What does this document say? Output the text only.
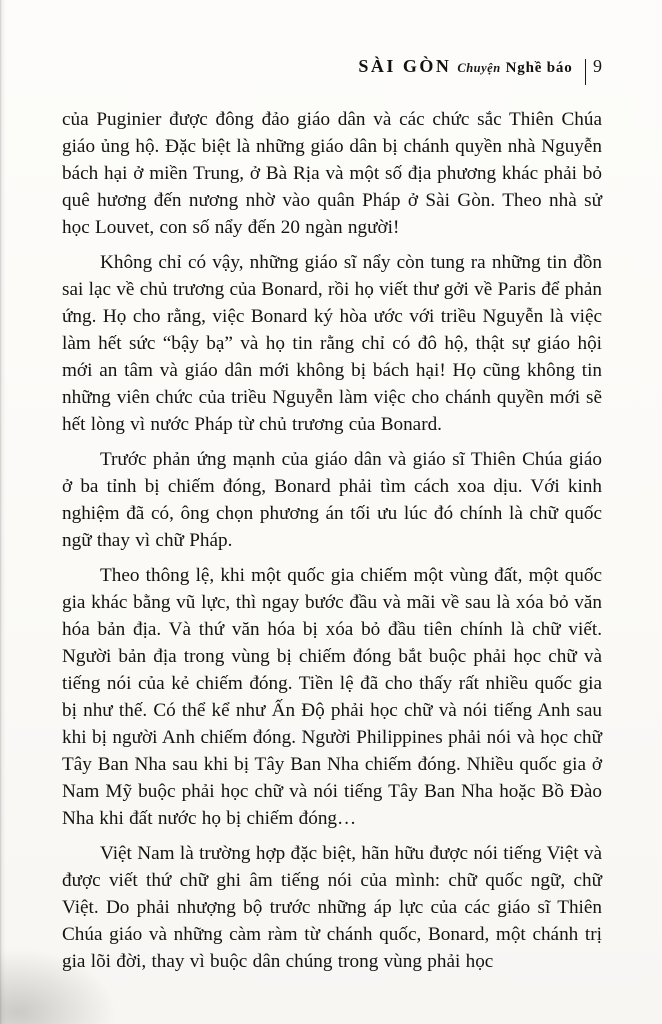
SÀI GÒN Chuyện Nghề báo 9

của Puginier được đông đảo giáo dân và các chức sắc Thiên Chúa giáo ủng hộ. Đặc biệt là những giáo dân bị chánh quyền nhà Nguyễn bách hại ở miền Trung, ở Bà Rịa và một số địa phương khác phải bỏ quê hương đến nương nhờ vào quân Pháp ở Sài Gòn. Theo nhà sử học Louvet, con số nẩy đến 20 ngàn người!

Không chỉ có vậy, những giáo sĩ nẩy còn tung ra những tin đồn sai lạc về chủ trương của Bonard, rồi họ viết thư gởi về Paris để phản ứng. Họ cho rằng, việc Bonard ký hòa ước với triều Nguyễn là việc làm hết sức “bậy bạ” và họ tin rằng chỉ có đô hộ, thật sự giáo hội mới an tâm và giáo dân mới không bị bách hại! Họ cũng không tin những viên chức của triều Nguyễn làm việc cho chánh quyền mới sẽ hết lòng vì nước Pháp từ chủ trương của Bonard.

Trước phản ứng mạnh của giáo dân và giáo sĩ Thiên Chúa giáo ở ba tỉnh bị chiếm đóng, Bonard phải tìm cách xoa dịu. Với kinh nghiệm đã có, ông chọn phương án tối ưu lúc đó chính là chữ quốc ngữ thay vì chữ Pháp.

Theo thông lệ, khi một quốc gia chiếm một vùng đất, một quốc gia khác bằng vũ lực, thì ngay bước đầu và mãi về sau là xóa bỏ văn hóa bản địa. Và thứ văn hóa bị xóa bỏ đầu tiên chính là chữ viết. Người bản địa trong vùng bị chiếm đóng bắt buộc phải học chữ và tiếng nói của kẻ chiếm đóng. Tiền lệ đã cho thấy rất nhiều quốc gia bị như thế. Có thể kể như Ấn Độ phải học chữ và nói tiếng Anh sau khi bị người Anh chiếm đóng. Người Philippines phải nói và học chữ Tây Ban Nha sau khi bị Tây Ban Nha chiếm đóng. Nhiều quốc gia ở Nam Mỹ buộc phải học chữ và nói tiếng Tây Ban Nha hoặc Bồ Đào Nha khi đất nước họ bị chiếm đóng…

Việt Nam là trường hợp đặc biệt, hãn hữu được nói tiếng Việt và được viết thứ chữ ghi âm tiếng nói của mình: chữ quốc ngữ, chữ Việt. Do phải nhượng bộ trước những áp lực của các giáo sĩ Thiên Chúa giáo và những càm ràm từ chánh quốc, Bonard, một chánh trị gia lõi đời, thay vì buộc dân chúng trong vùng phải học
